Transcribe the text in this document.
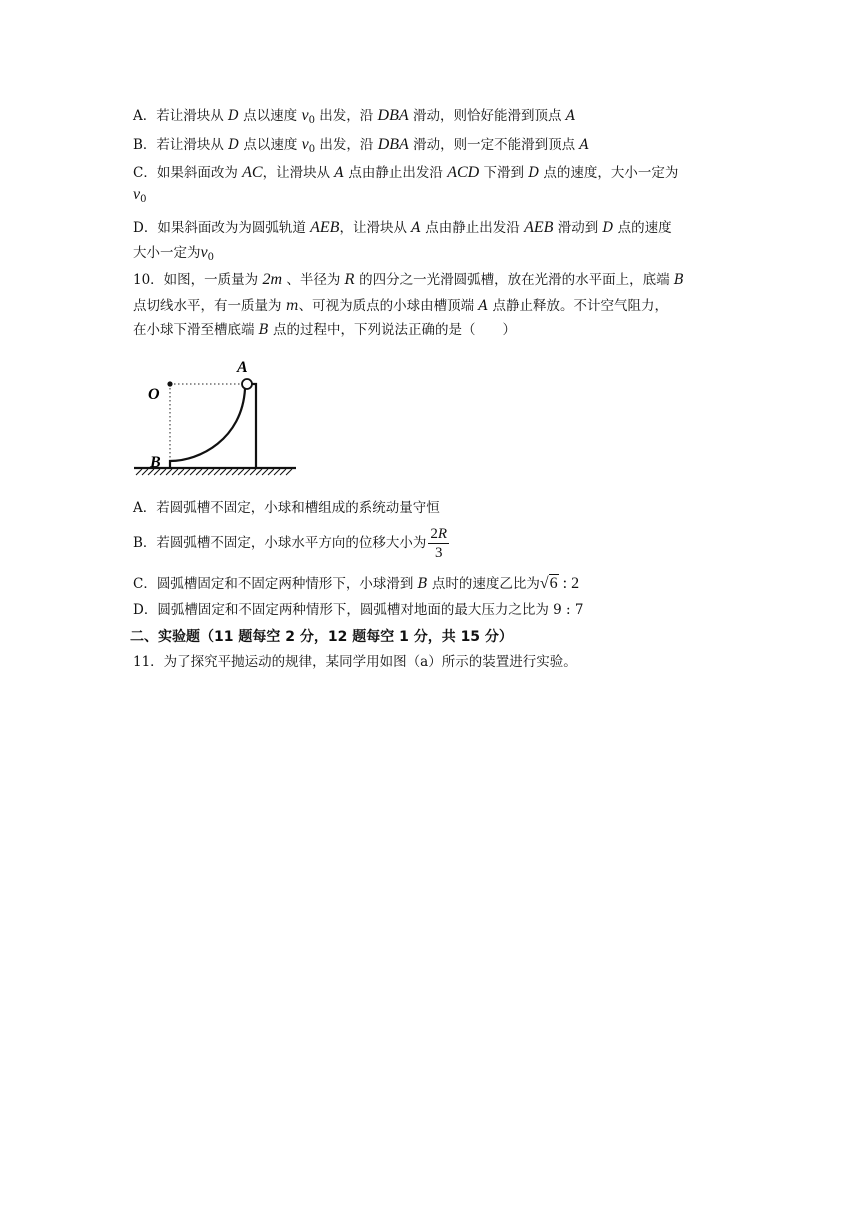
A．若让滑块从 D 点以速度 $v_0$ 出发，沿 DBA 滑动，则恰好能滑到顶点 A
B．若让滑块从 D 点以速度 $v_0$ 出发，沿 DBA 滑动，则一定不能滑到顶点 A
C．如果斜面改为 AC，让滑块从 A 点由静止出发沿 ACD 下滑到 D 点的速度，大小一定为
$v_0$
D．如果斜面改为为圆弧轨道 AEB，让滑块从 A 点由静止出发沿 AEB 滑动到 D 点的速度
大小一定为$v_0$
10．如图，一质量为 2m 、半径为 R 的四分之一光滑圆弧槽，放在光滑的水平面上，底端 B
点切线水平，有一质量为 m、可视为质点的小球由槽顶端 A 点静止释放。不计空气阻力，
在小球下滑至槽底端 B 点的过程中，下列说法正确的是（　　）
O
A
B
A．若圆弧槽不固定，小球和槽组成的系统动量守恒
B．若圆弧槽不固定，小球水平方向的位移大小为 $\frac{2R}{3}$
C．圆弧槽固定和不固定两种情形下，小球滑到 B 点时的速度乙比为√6 : 2
D．圆弧槽固定和不固定两种情形下，圆弧槽对地面的最大压力之比为 9 : 7
二、实验题（11 题每空 2 分，12 题每空 1 分，共 15 分）
11．为了探究平抛运动的规律，某同学用如图（a）所示的装置进行实验。
